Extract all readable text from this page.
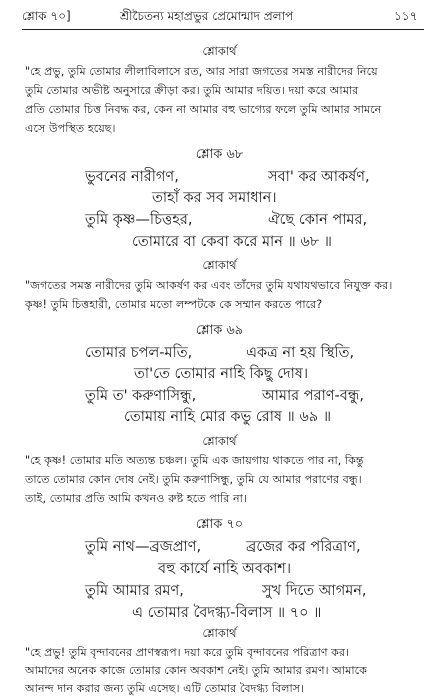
শ্লোক ৭০]	শ্রীচৈতন্য মহাপ্রভুর প্রেমোন্মাদ প্রলাপ	১১৭
শ্লোকার্থ
"হে প্রভু, তুমি তোমার লীলাবিলাসে রত, আর সারা জগতের সমস্ত নারীদের নিয়ে
তুমি তোমার অভীষ্ট অনুসারে ক্রীড়া কর। তুমি আমার দয়িত। দয়া করে আমার
প্রতি তোমার চিত্ত নিবদ্ধ কর, কেন না আমার বহু ভাগ্যের ফলে তুমি আমার সামনে
এসে উপস্থিত হয়েছ।
শ্লোক ৬৮
ভুবনের নারীগণ,	সবা' কর আকর্ষণ,
তাহাঁ কর সব সমাধান।
তুমি কৃষ্ণ—চিত্তহর,	ঐছে কোন পামর,
তোমারে বা কেবা করে মান ॥ ৬৮ ॥
শ্লোকার্থ
"জগতের সমস্ত নারীদের তুমি আকর্ষণ কর এবং তাঁদের তুমি যথাযথভাবে নিযুক্ত কর।
কৃষ্ণ! তুমি চিত্তহারী, তোমার মতো লম্পটকে কে সম্মান করতে পারে?
শ্লোক ৬৯
তোমার চপল-মতি,	একত্র না হয় স্থিতি,
তা'তে তোমার নাহি কিছু দোষ।
তুমি ত' করুণাসিন্ধু,	আমার পরাণ-বন্ধু,
তোমায় নাহি মোর কভু রোষ ॥ ৬৯ ॥
শ্লোকার্থ
"হে কৃষ্ণ! তোমার মতি অত্যন্ত চঞ্চল। তুমি এক জায়গায় থাকতে পার না, কিন্তু
তাতে তোমার কোন দোষ নেই। তুমি করুণাসিন্ধু, তুমি যে আমার পরাণের বন্ধু।
তাই, তোমার প্রতি আমি কখনও রুষ্ট হতে পারি না।
শ্লোক ৭০
তুমি নাথ—ব্রজপ্রাণ,	ব্রজের কর পরিত্রাণ,
বহু কার্যে নাহি অবকাশ।
তুমি আমার রমণ,	সুখ দিতে আগমন,
এ তোমার বৈদগ্ধ্য-বিলাস ॥ ৭০ ॥
শ্লোকার্থ
"হে প্রভু! তুমি বৃন্দাবনের প্রাণস্বরূপ। দয়া করে তুমি বৃন্দাবনের পরিত্রাণ কর।
আমাদের অনেক কাজে তোমার কোন অবকাশ নেই। তুমি আমার রমণ। আমাকে
আনন্দ দান করার জন্য তুমি এসেছ। এটি তোমার বৈদগ্ধ্য বিলাস।
